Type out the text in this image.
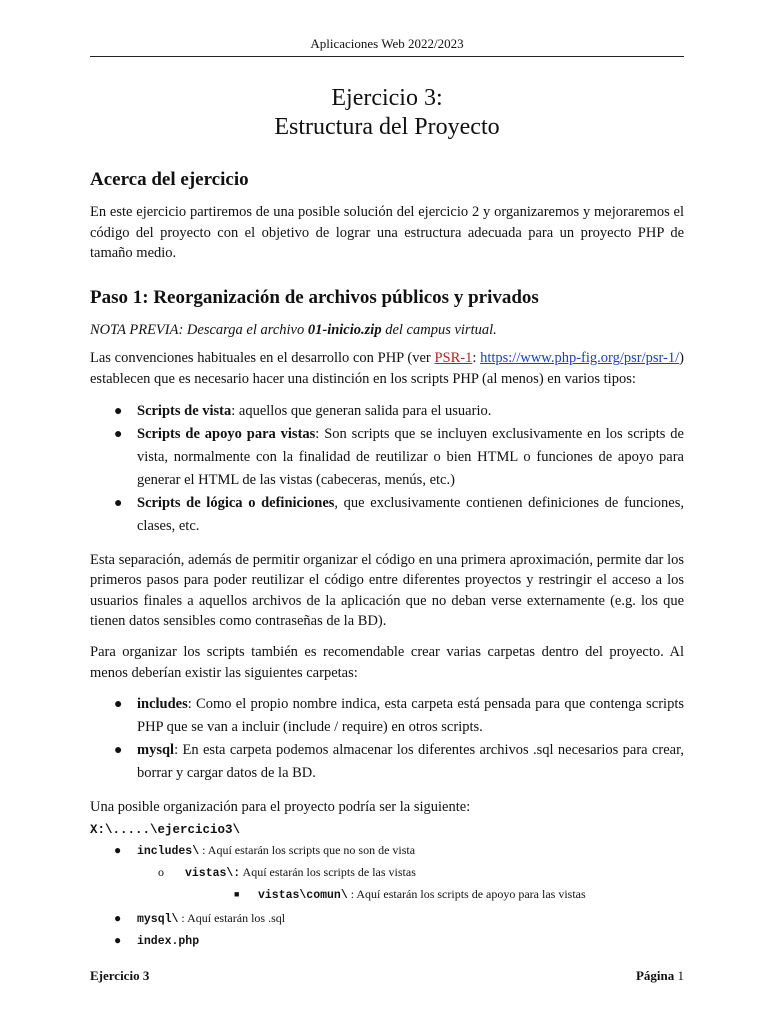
Aplicaciones Web 2022/2023
Ejercicio 3:
Estructura del Proyecto
Acerca del ejercicio

En este ejercicio partiremos de una posible solución del ejercicio 2 y organizaremos y mejoraremos el código del proyecto con el objetivo de lograr una estructura adecuada para un proyecto PHP de tamaño medio.

Paso 1: Reorganización de archivos públicos y privados

NOTA PREVIA: Descarga el archivo 01-inicio.zip del campus virtual.

Las convenciones habituales en el desarrollo con PHP (ver PSR-1: https://www.php-fig.org/psr/psr-1/) establecen que es necesario hacer una distinción en los scripts PHP (al menos) en varios tipos:

● Scripts de vista: aquellos que generan salida para el usuario.
● Scripts de apoyo para vistas: Son scripts que se incluyen exclusivamente en los scripts de vista, normalmente con la finalidad de reutilizar o bien HTML o funciones de apoyo para generar el HTML de las vistas (cabeceras, menús, etc.)
● Scripts de lógica o definiciones, que exclusivamente contienen definiciones de funciones, clases, etc.

Esta separación, además de permitir organizar el código en una primera aproximación, permite dar los primeros pasos para poder reutilizar el código entre diferentes proyectos y restringir el acceso a los usuarios finales a aquellos archivos de la aplicación que no deban verse externamente (e.g. los que tienen datos sensibles como contraseñas de la BD).

Para organizar los scripts también es recomendable crear varias carpetas dentro del proyecto. Al menos deberían existir las siguientes carpetas:

● includes: Como el propio nombre indica, esta carpeta está pensada para que contenga scripts PHP que se van a incluir (include / require) en otros scripts.
● mysql: En esta carpeta podemos almacenar los diferentes archivos .sql necesarios para crear, borrar y cargar datos de la BD.

Una posible organización para el proyecto podría ser la siguiente:

X:\.....\ejercicio3\
● includes\ : Aquí estarán los scripts que no son de vista
o vistas\: Aquí estarán los scripts de las vistas
■ vistas\comun\ : Aquí estarán los scripts de apoyo para las vistas
● mysql\ : Aquí estarán los .sql
● index.php
Ejercicio 3	Página 1
